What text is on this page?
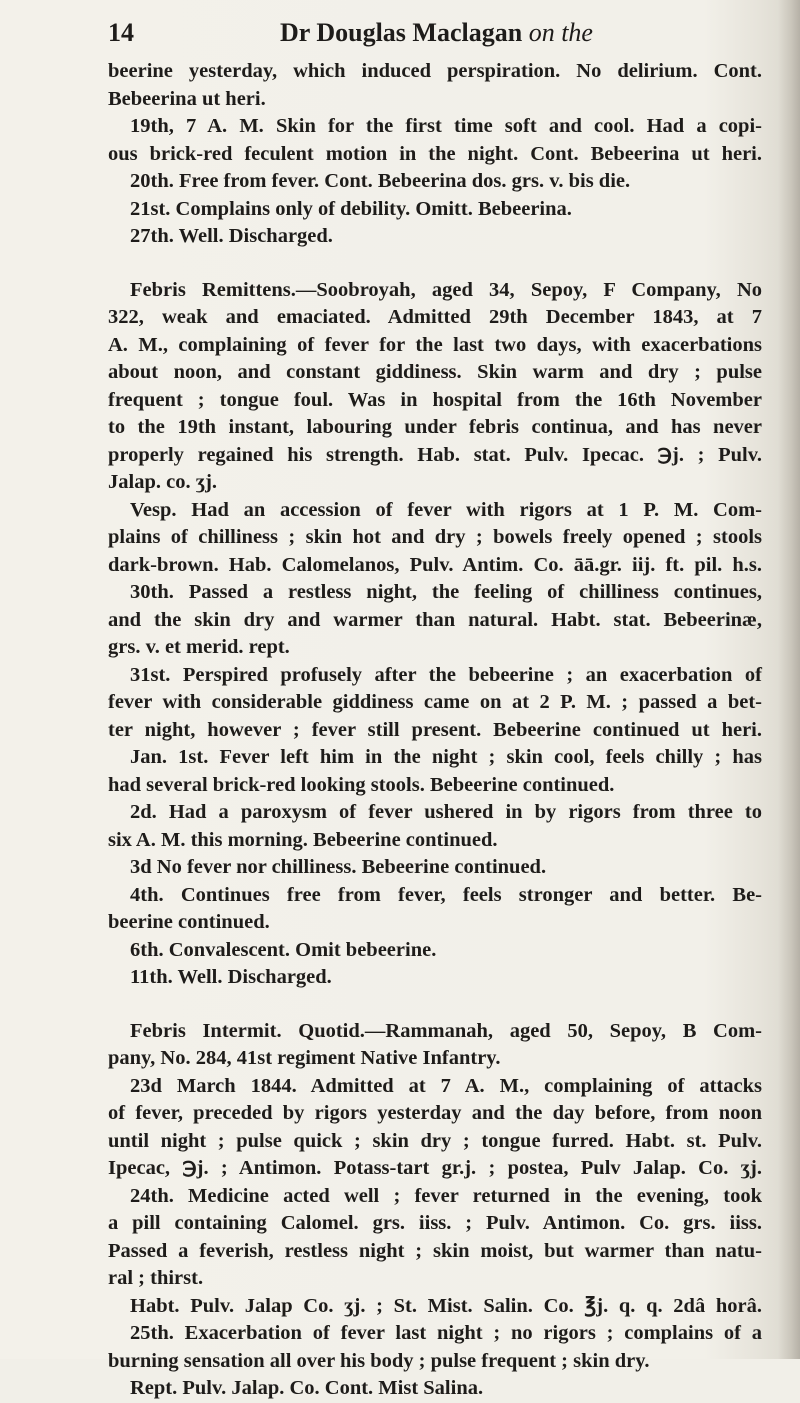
14	Dr Douglas Maclagan on the
beerine yesterday, which induced perspiration. No delirium. Cont.
Bebeerina ut heri.
19th, 7 A. M. Skin for the first time soft and cool. Had a copi-
ous brick-red feculent motion in the night. Cont. Bebeerina ut heri.
20th. Free from fever. Cont. Bebeerina dos. grs. v. bis die.
21st. Complains only of debility. Omitt. Bebeerina.
27th. Well. Discharged.
Febris Remittens.—Soobroyah, aged 34, Sepoy, F Company, No
322, weak and emaciated. Admitted 29th December 1843, at 7
A. M., complaining of fever for the last two days, with exacerbations
about noon, and constant giddiness. Skin warm and dry ; pulse
frequent ; tongue foul. Was in hospital from the 16th November
to the 19th instant, labouring under febris continua, and has never
properly regained his strength. Hab. stat. Pulv. Ipecac. ℈j. ; Pulv.
Jalap. co. ʒj.
Vesp. Had an accession of fever with rigors at 1 P. M. Com-
plains of chilliness ; skin hot and dry ; bowels freely opened ; stools
dark-brown. Hab. Calomelanos, Pulv. Antim. Co. āā.gr. iij. ft. pil. h.s.
30th. Passed a restless night, the feeling of chilliness continues,
and the skin dry and warmer than natural. Habt. stat. Bebeerinæ,
grs. v. et merid. rept.
31st. Perspired profusely after the bebeerine ; an exacerbation of
fever with considerable giddiness came on at 2 P. M. ; passed a bet-
ter night, however ; fever still present. Bebeerine continued ut heri.
Jan. 1st. Fever left him in the night ; skin cool, feels chilly ; has
had several brick-red looking stools. Bebeerine continued.
2d. Had a paroxysm of fever ushered in by rigors from three to
six A. M. this morning. Bebeerine continued.
3d No fever nor chilliness. Bebeerine continued.
4th. Continues free from fever, feels stronger and better. Be-
beerine continued.
6th. Convalescent. Omit bebeerine.
11th. Well. Discharged.
Febris Intermit. Quotid.—Rammanah, aged 50, Sepoy, B Com-
pany, No. 284, 41st regiment Native Infantry.
23d March 1844. Admitted at 7 A. M., complaining of attacks
of fever, preceded by rigors yesterday and the day before, from noon
until night ; pulse quick ; skin dry ; tongue furred. Habt. st. Pulv.
Ipecac, ℈j. ; Antimon. Potass-tart gr.j. ; postea, Pulv Jalap. Co. ʒj.
24th. Medicine acted well ; fever returned in the evening, took
a pill containing Calomel. grs. iiss. ; Pulv. Antimon. Co. grs. iiss.
Passed a feverish, restless night ; skin moist, but warmer than natu-
ral ; thirst.
Habt. Pulv. Jalap Co. ʒj. ; St. Mist. Salin. Co. ℥j. q. q. 2dâ horâ.
25th. Exacerbation of fever last night ; no rigors ; complains of a
burning sensation all over his body ; pulse frequent ; skin dry.
Rept. Pulv. Jalap. Co. Cont. Mist Salina.
